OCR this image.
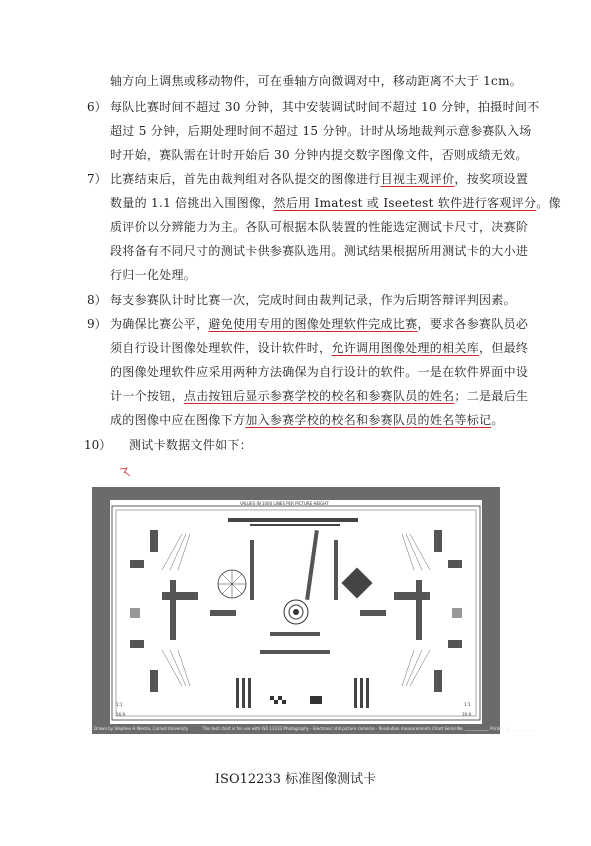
轴方向上调焦或移动物件，可在垂轴方向微调对中，移动距离不大于 1cm。
6） 每队比赛时间不超过 30 分钟，其中安装调试时间不超过 10 分钟，拍摄时间不
超过 5 分钟，后期处理时间不超过 15 分钟。计时从场地裁判示意参赛队入场
时开始，赛队需在计时开始后 30 分钟内提交数字图像文件，否则成绩无效。
7） 比赛结束后，首先由裁判组对各队提交的图像进行目视主观评价，按奖项设置
数量的 1.1 倍挑出入围图像，然后用 Imatest 或 Iseetest 软件进行客观评分。像
质评价以分辨能力为主。各队可根据本队装置的性能选定测试卡尺寸，决赛阶
段将备有不同尺寸的测试卡供参赛队选用。测试结果根据所用测试卡的大小进
行归一化处理。
8） 每支参赛队计时比赛一次，完成时间由裁判记录，作为后期答辩评判因素。
9） 为确保比赛公平，避免使用专用的图像处理软件完成比赛，要求各参赛队员必
须自行设计图像处理软件，设计软件时，允许调用图像处理的相关库，但最终
的图像处理软件应采用两种方法确保为自行设计的软件。一是在软件界面中设
计一个按钮，点击按钮后显示参赛学校的校名和参赛队员的姓名；二是最后生
成的图像中应在图像下方加入参赛学校的校名和参赛队员的姓名等标记。
10） 测试卡数据文件如下：
VALUES IN 1000 LINES PER PICTURE HEIGHT
1:1	1:1
16:9	16:9
Drawn by Stephen H Westin, Cornell University	This test chart is for use with ISO 12233 Photography - Electronic still picture cameras - Resolution measurements Chart Serial No. ____________ Printed by ____________
ISO12233 标准图像测试卡
